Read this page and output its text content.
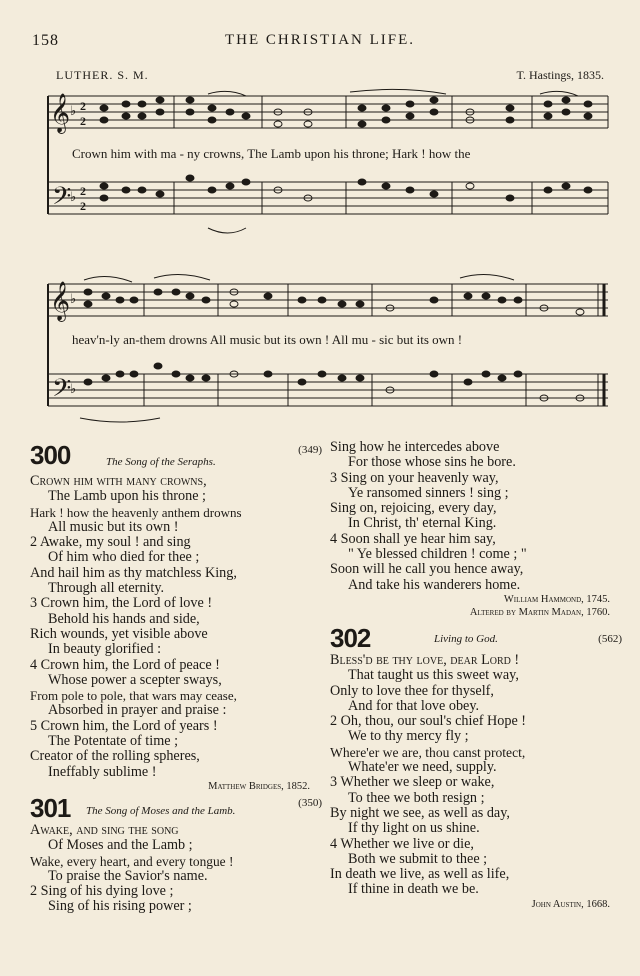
158	THE CHRISTIAN LIFE.
LUTHER. S. M.	T. Hastings, 1835.
𝄞
𝄢
♭
♭
2
2
2
2
Crown him with ma - ny crowns, The Lamb upon his throne; Hark ! how the
𝄞
𝄢
♭
♭
heav'n-ly an-them drowns All music but its own ! All mu - sic but its own !
300	The Song of the Seraphs.
(349)
Crown him with many crowns,
The Lamb upon his throne ;
Hark ! how the heavenly anthem drowns
All music but its own !
2 Awake, my soul ! and sing
Of him who died for thee ;
And hail him as thy matchless King,
Through all eternity.
3 Crown him, the Lord of love !
Behold his hands and side,
Rich wounds, yet visible above
In beauty glorified :
4 Crown him, the Lord of peace !
Whose power a scepter sways,
From pole to pole, that wars may cease,
Absorbed in prayer and praise :
5 Crown him, the Lord of years !
The Potentate of time ;
Creator of the rolling spheres,
Ineffably sublime !
Matthew Bridges, 1852.
301 The Song of Moses and the Lamb.
(350)
Awake, and sing the song
Of Moses and the Lamb ;
Wake, every heart, and every tongue !
To praise the Savior's name.
2 Sing of his dying love ;
Sing of his rising power ;
Sing how he intercedes above
For those whose sins he bore.
3 Sing on your heavenly way,
Ye ransomed sinners ! sing ;
Sing on, rejoicing, every day,
In Christ, th' eternal King.
4 Soon shall ye hear him say,
" Ye blessed children ! come ; "
Soon will he call you hence away,
And take his wanderers home.
William Hammond, 1745.
Altered by Martin Madan, 1760.
302	Living to God.	(562)
Bless'd be thy love, dear Lord !
That taught us this sweet way,
Only to love thee for thyself,
And for that love obey.
2 Oh, thou, our soul's chief Hope !
We to thy mercy fly ;
Where'er we are, thou canst protect,
Whate'er we need, supply.
3 Whether we sleep or wake,
To thee we both resign ;
By night we see, as well as day,
If thy light on us shine.
4 Whether we live or die,
Both we submit to thee ;
In death we live, as well as life,
If thine in death we be.
John Austin, 1668.
